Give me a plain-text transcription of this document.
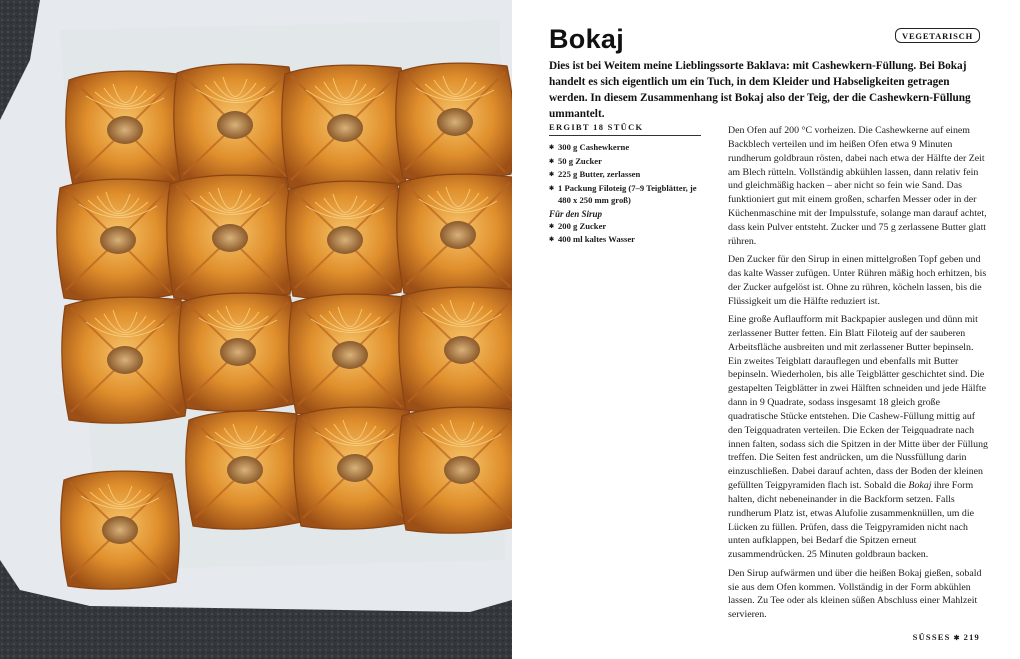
Bokaj	VEGETARISCH
Dies ist bei Weitem meine Lieblingssorte Baklava: mit Cashewkern-Füllung. Bei Bokaj handelt es sich eigentlich um ein Tuch, in dem Kleider und Habseligkeiten getragen werden. In diesem Zusammenhang ist Bokaj also der Teig, der die Cashewkern-Füllung ummantelt.
ERGIBT 18 STÜCK
✱ 300 g Cashewkerne
✱ 50 g Zucker
✱ 225 g Butter, zerlassen
✱ 1 Packung Filoteig (7–9 Teigblätter, je 480 x 250 mm groß)
Für den Sirup
✱ 200 g Zucker
✱ 400 ml kaltes Wasser

Den Ofen auf 200 °C vorheizen. Die Cashewkerne auf einem Backblech verteilen und im heißen Ofen etwa 9 Minuten rundherum goldbraun rösten, dabei nach etwa der Hälfte der Zeit am Blech rütteln. Vollständig abkühlen lassen, dann relativ fein und gleichmäßig hacken – aber nicht so fein wie Sand. Das funktioniert gut mit einem großen, scharfen Messer oder in der Küchenmaschine mit der Impulsstufe, solange man darauf achtet, dass kein Pulver entsteht. Zucker und 75 g zerlassene Butter glatt rühren.

Den Zucker für den Sirup in einen mittelgroßen Topf geben und das kalte Wasser zufügen. Unter Rühren mäßig hoch erhitzen, bis der Zucker aufgelöst ist. Ohne zu rühren, köcheln lassen, bis die Flüssigkeit um die Hälfte reduziert ist.

Eine große Auflaufform mit Backpapier auslegen und dünn mit zerlassener Butter fetten. Ein Blatt Filoteig auf der sauberen Arbeitsfläche ausbreiten und mit zerlassener Butter bepinseln. Ein zweites Teigblatt darauflegen und ebenfalls mit Butter bepinseln. Wiederholen, bis alle Teigblätter geschichtet sind. Die gestapelten Teigblätter in zwei Hälften schneiden und jede Hälfte dann in 9 Quadrate, sodass insgesamt 18 gleich große quadratische Stücke entstehen. Die Cashew-Füllung mittig auf den Teigquadraten verteilen. Die Ecken der Teigquadrate nach innen falten, sodass sich die Spitzen in der Mitte über der Füllung treffen. Die Seiten fest andrücken, um die Nussfüllung darin einzuschließen. Dabei darauf achten, dass der Boden der kleinen gefüllten Teigpyramiden flach ist. Sobald die Bokaj ihre Form halten, dicht nebeneinander in die Backform setzen. Falls rundherum Platz ist, etwas Alufolie zusammenknüllen, um die Lücken zu füllen. Prüfen, dass die Teigpyramiden nicht nach unten aufklappen, bei Bedarf die Spitzen erneut zusammendrücken. 25 Minuten goldbraun backen.

Den Sirup aufwärmen und über die heißen Bokaj gießen, sobald sie aus dem Ofen kommen. Vollständig in der Form abkühlen lassen. Zu Tee oder als kleinen süßen Abschluss einer Mahlzeit servieren.

SÜSSES ✱ 219
